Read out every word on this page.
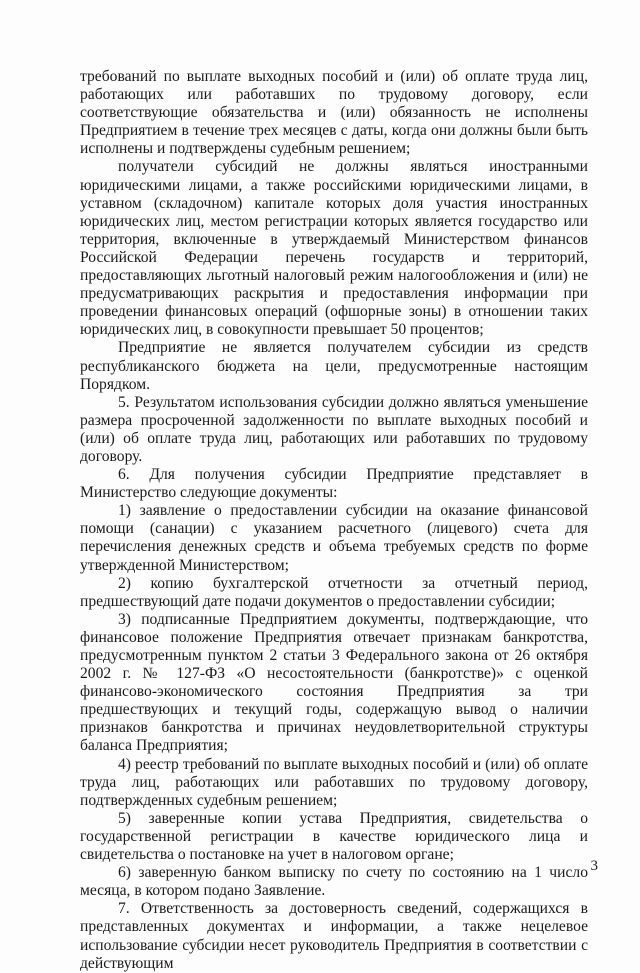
требований по выплате выходных пособий и (или) об оплате труда лиц, работающих или работавших по трудовому договору, если соответствующие обязательства и (или) обязанность не исполнены Предприятием в течение трех месяцев с даты, когда они должны были быть исполнены и подтверждены судебным решением;

получатели субсидий не должны являться иностранными юридическими лицами, а также российскими юридическими лицами, в уставном (складочном) капитале которых доля участия иностранных юридических лиц, местом регистрации которых является государство или территория, включенные в утверждаемый Министерством финансов Российской Федерации перечень государств и территорий, предоставляющих льготный налоговый режим налогообложения и (или) не предусматривающих раскрытия и предоставления информации при проведении финансовых операций (офшорные зоны) в отношении таких юридических лиц, в совокупности превышает 50 процентов;

Предприятие не является получателем субсидии из средств республиканского бюджета на цели, предусмотренные настоящим Порядком.

5. Результатом использования субсидии должно являться уменьшение размера просроченной задолженности по выплате выходных пособий и (или) об оплате труда лиц, работающих или работавших по трудовому договору.

6. Для получения субсидии Предприятие представляет в Министерство следующие документы:

1) заявление о предоставлении субсидии на оказание финансовой помощи (санации) с указанием расчетного (лицевого) счета для перечисления денежных средств и объема требуемых средств по форме утвержденной Министерством;

2) копию бухгалтерской отчетности за отчетный период, предшествующий дате подачи документов о предоставлении субсидии;

3) подписанные Предприятием документы, подтверждающие, что финансовое положение Предприятия отвечает признакам банкротства, предусмотренным пунктом 2 статьи 3 Федерального закона от 26 октября 2002 г. № 127-ФЗ «О несостоятельности (банкротстве)» с оценкой финансово-экономического состояния Предприятия за три предшествующих и текущий годы, содержащую вывод о наличии признаков банкротства и причинах неудовлетворительной структуры баланса Предприятия;

4) реестр требований по выплате выходных пособий и (или) об оплате труда лиц, работающих или работавших по трудовому договору, подтвержденных судебным решением;

5) заверенные копии устава Предприятия, свидетельства о государственной регистрации в качестве юридического лица и свидетельства о постановке на учет в налоговом органе;

6) заверенную банком выписку по счету по состоянию на 1 число месяца, в котором подано Заявление.

7. Ответственность за достоверность сведений, содержащихся в представленных документах и информации, а также нецелевое использование субсидии несет руководитель Предприятия в соответствии с действующим

3
